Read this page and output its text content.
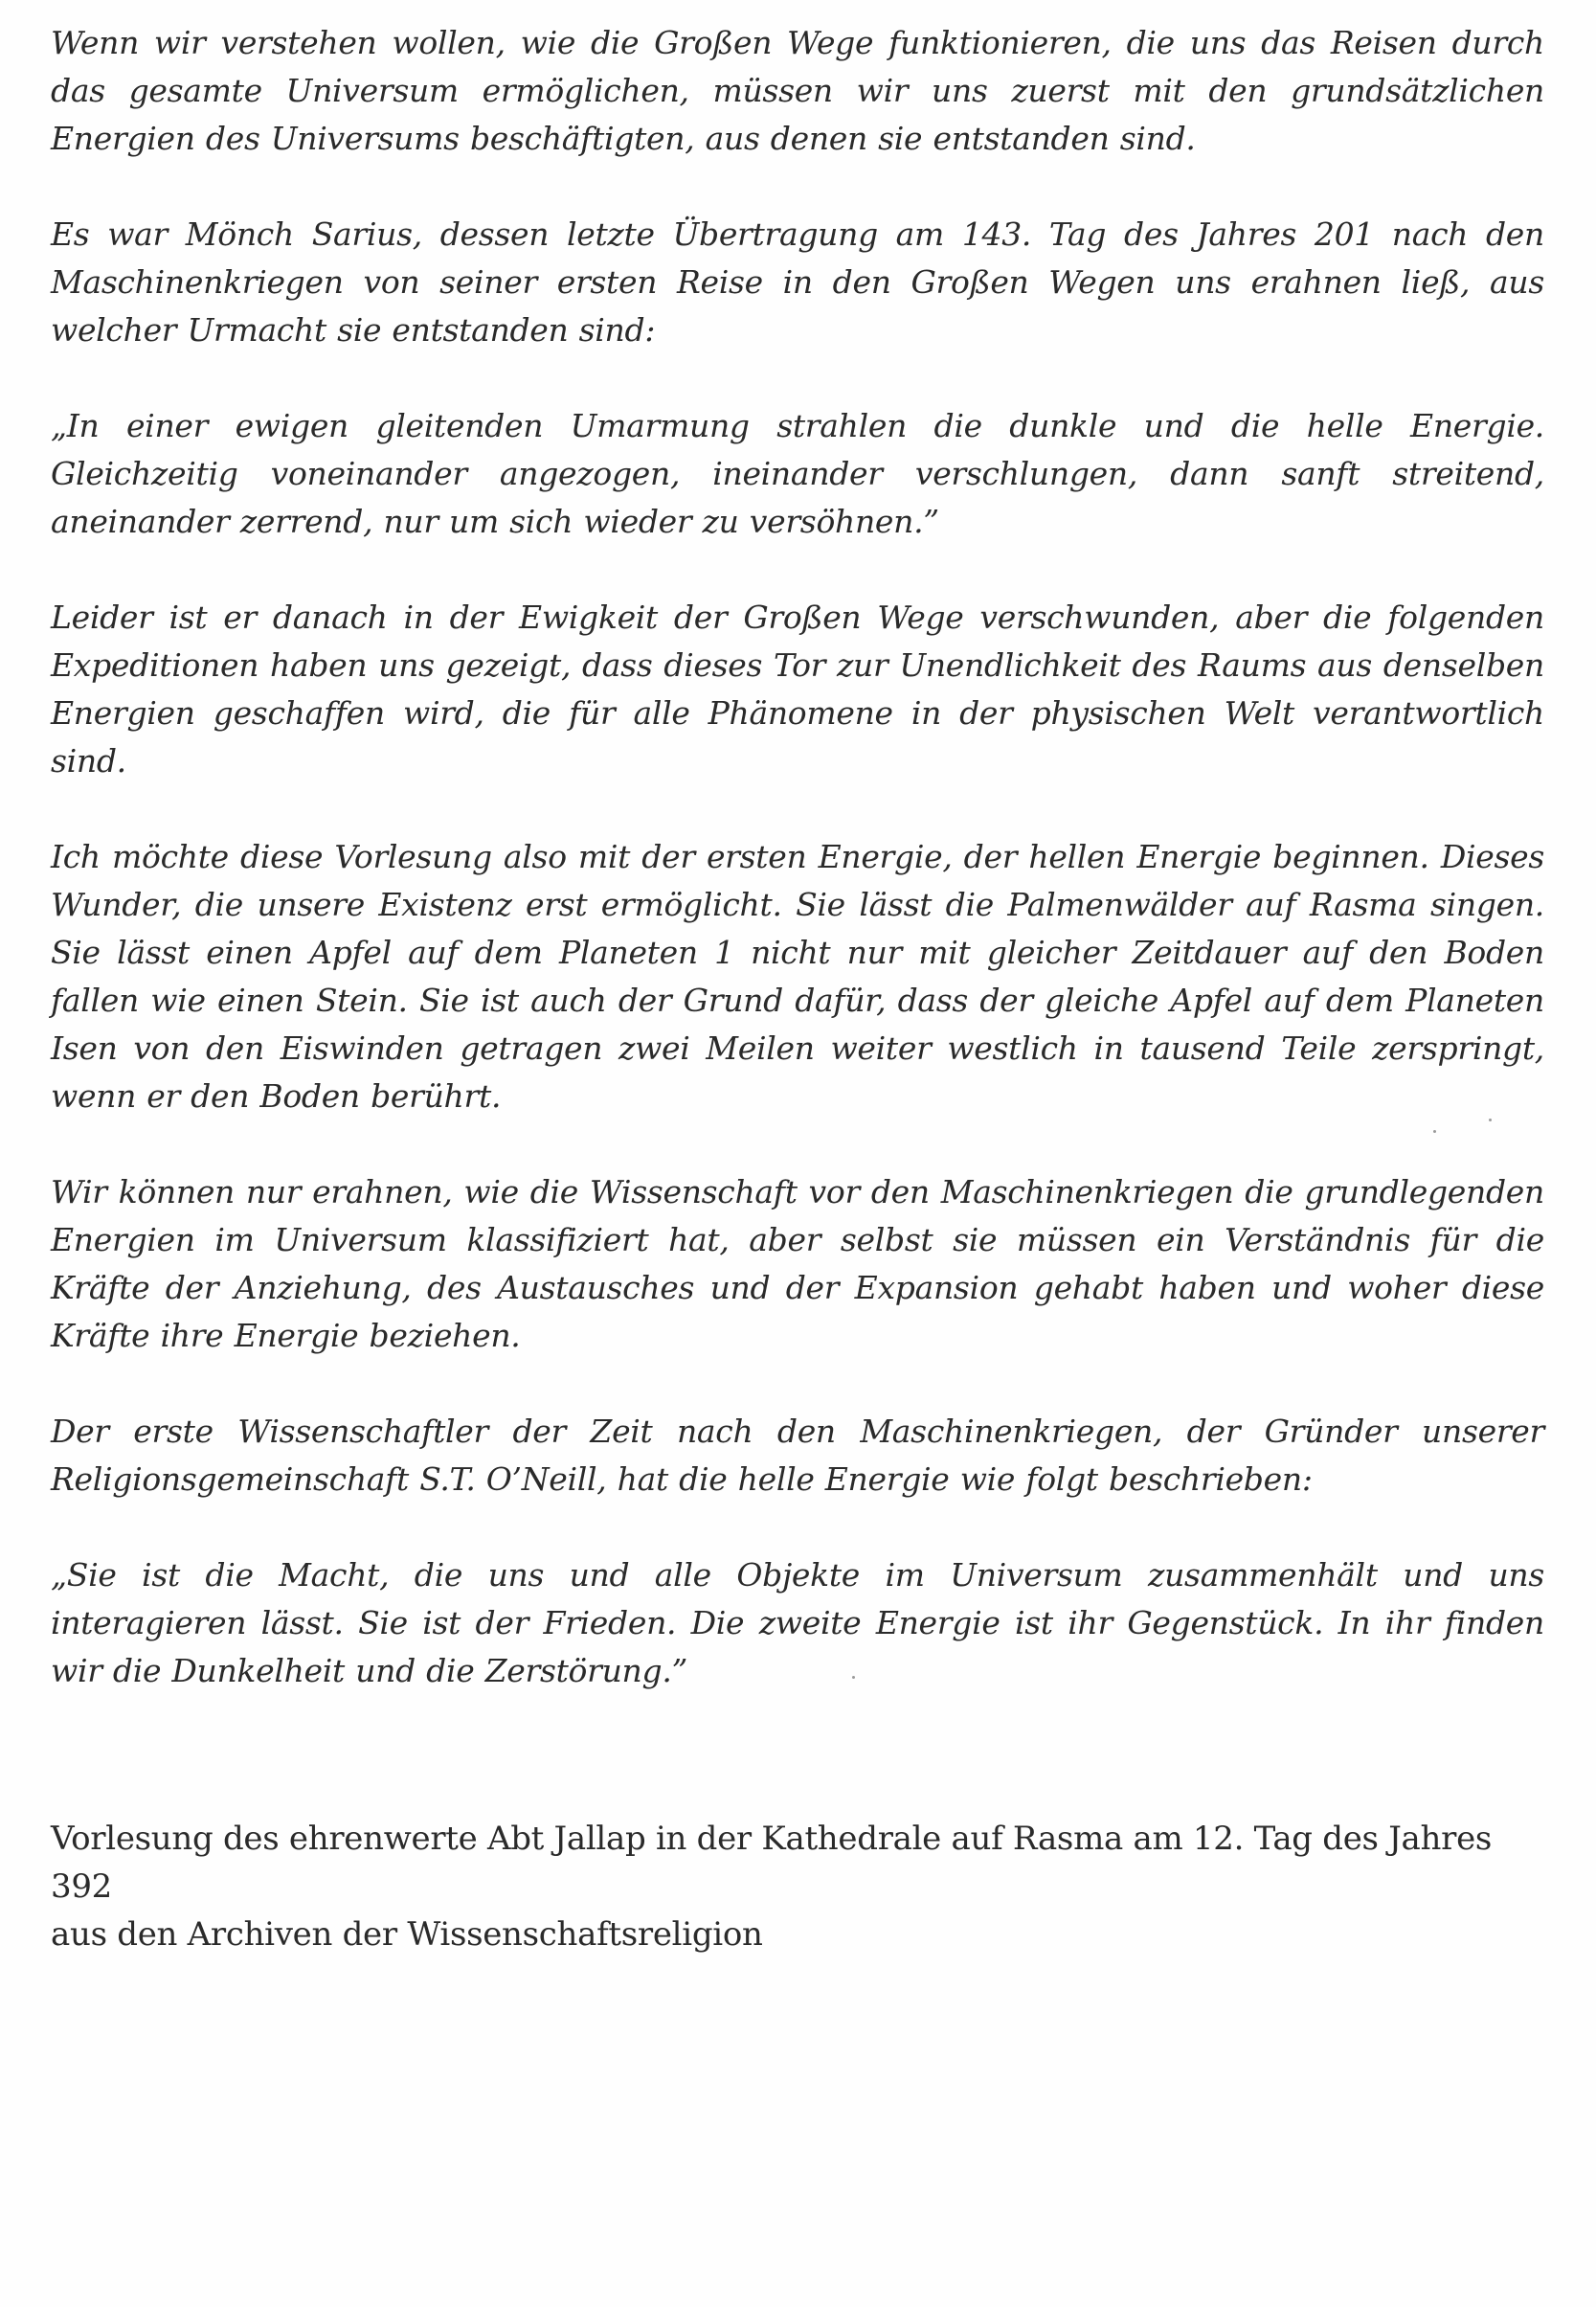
Wenn wir verstehen wollen, wie die Großen Wege funktionieren, die uns das Reisen durch das gesamte Universum ermöglichen, müssen wir uns zuerst mit den grundsätzlichen Energien des Universums beschäftigten, aus denen sie entstanden sind.

Es war Mönch Sarius, dessen letzte Übertragung am 143. Tag des Jahres 201 nach den Maschinenkriegen von seiner ersten Reise in den Großen Wegen uns erahnen ließ, aus welcher Urmacht sie entstanden sind:

„In einer ewigen gleitenden Umarmung strahlen die dunkle und die helle Energie. Gleichzeitig voneinander angezogen, ineinander verschlungen, dann sanft streitend, aneinander zerrend, nur um sich wieder zu versöhnen.”

Leider ist er danach in der Ewigkeit der Großen Wege verschwunden, aber die folgenden Expeditionen haben uns gezeigt, dass dieses Tor zur Unendlichkeit des Raums aus denselben Energien geschaffen wird, die für alle Phänomene in der physischen Welt verantwortlich sind.

Ich möchte diese Vorlesung also mit der ersten Energie, der hellen Energie beginnen. Dieses Wunder, die unsere Existenz erst ermöglicht. Sie lässt die Palmenwälder auf Rasma singen. Sie lässt einen Apfel auf dem Planeten 1 nicht nur mit gleicher Zeitdauer auf den Boden fallen wie einen Stein. Sie ist auch der Grund dafür, dass der gleiche Apfel auf dem Planeten Isen von den Eiswinden getragen zwei Meilen weiter westlich in tausend Teile zerspringt, wenn er den Boden berührt.

Wir können nur erahnen, wie die Wissenschaft vor den Maschinenkriegen die grundlegenden Energien im Universum klassifiziert hat, aber selbst sie müssen ein Verständnis für die Kräfte der Anziehung, des Austausches und der Expansion gehabt haben und woher diese Kräfte ihre Energie beziehen.

Der erste Wissenschaftler der Zeit nach den Maschinenkriegen, der Gründer unserer Religionsgemeinschaft S.T. O’Neill, hat die helle Energie wie folgt beschrieben:

„Sie ist die Macht, die uns und alle Objekte im Universum zusammenhält und uns interagieren lässt. Sie ist der Frieden. Die zweite Energie ist ihr Gegenstück. In ihr finden wir die Dunkelheit und die Zerstörung.”

Vorlesung des ehrenwerte Abt Jallap in der Kathedrale auf Rasma am 12. Tag des Jahres 392
aus den Archiven der Wissenschaftsreligion
